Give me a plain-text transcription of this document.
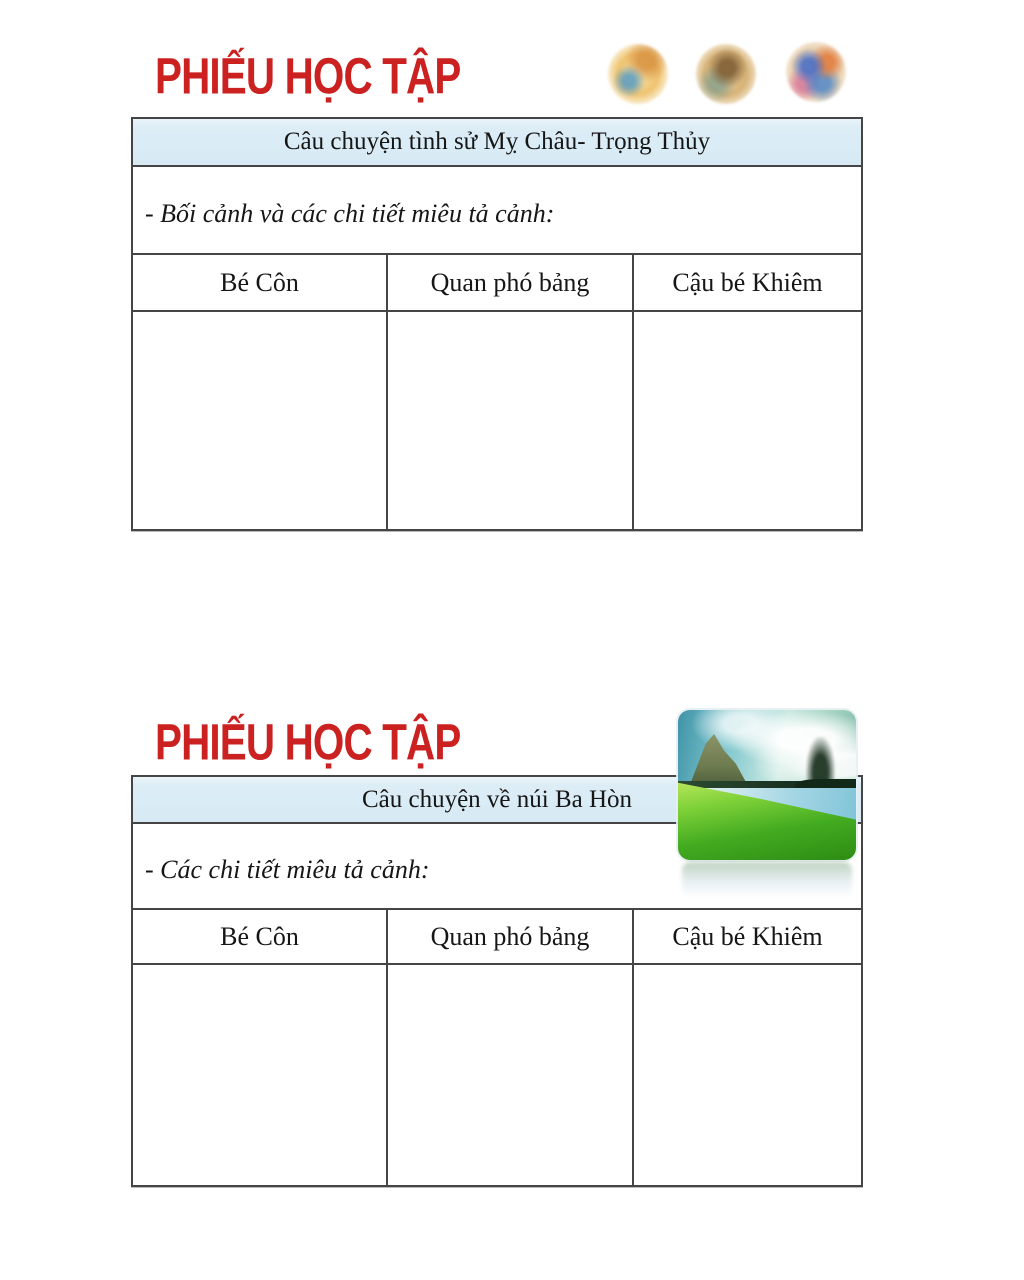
PHIẾU HỌC TẬP
Câu chuyện tình sử Mỵ Châu- Trọng Thủy		
- Bối cảnh và các chi tiết miêu tả cảnh:		
Bé Côn	Quan phó bảng	Cậu bé Khiêm

PHIẾU HỌC TẬP
Câu chuyện về núi Ba Hòn		
- Các chi tiết miêu tả cảnh:		
Bé Côn	Quan phó bảng	Cậu bé Khiêm
